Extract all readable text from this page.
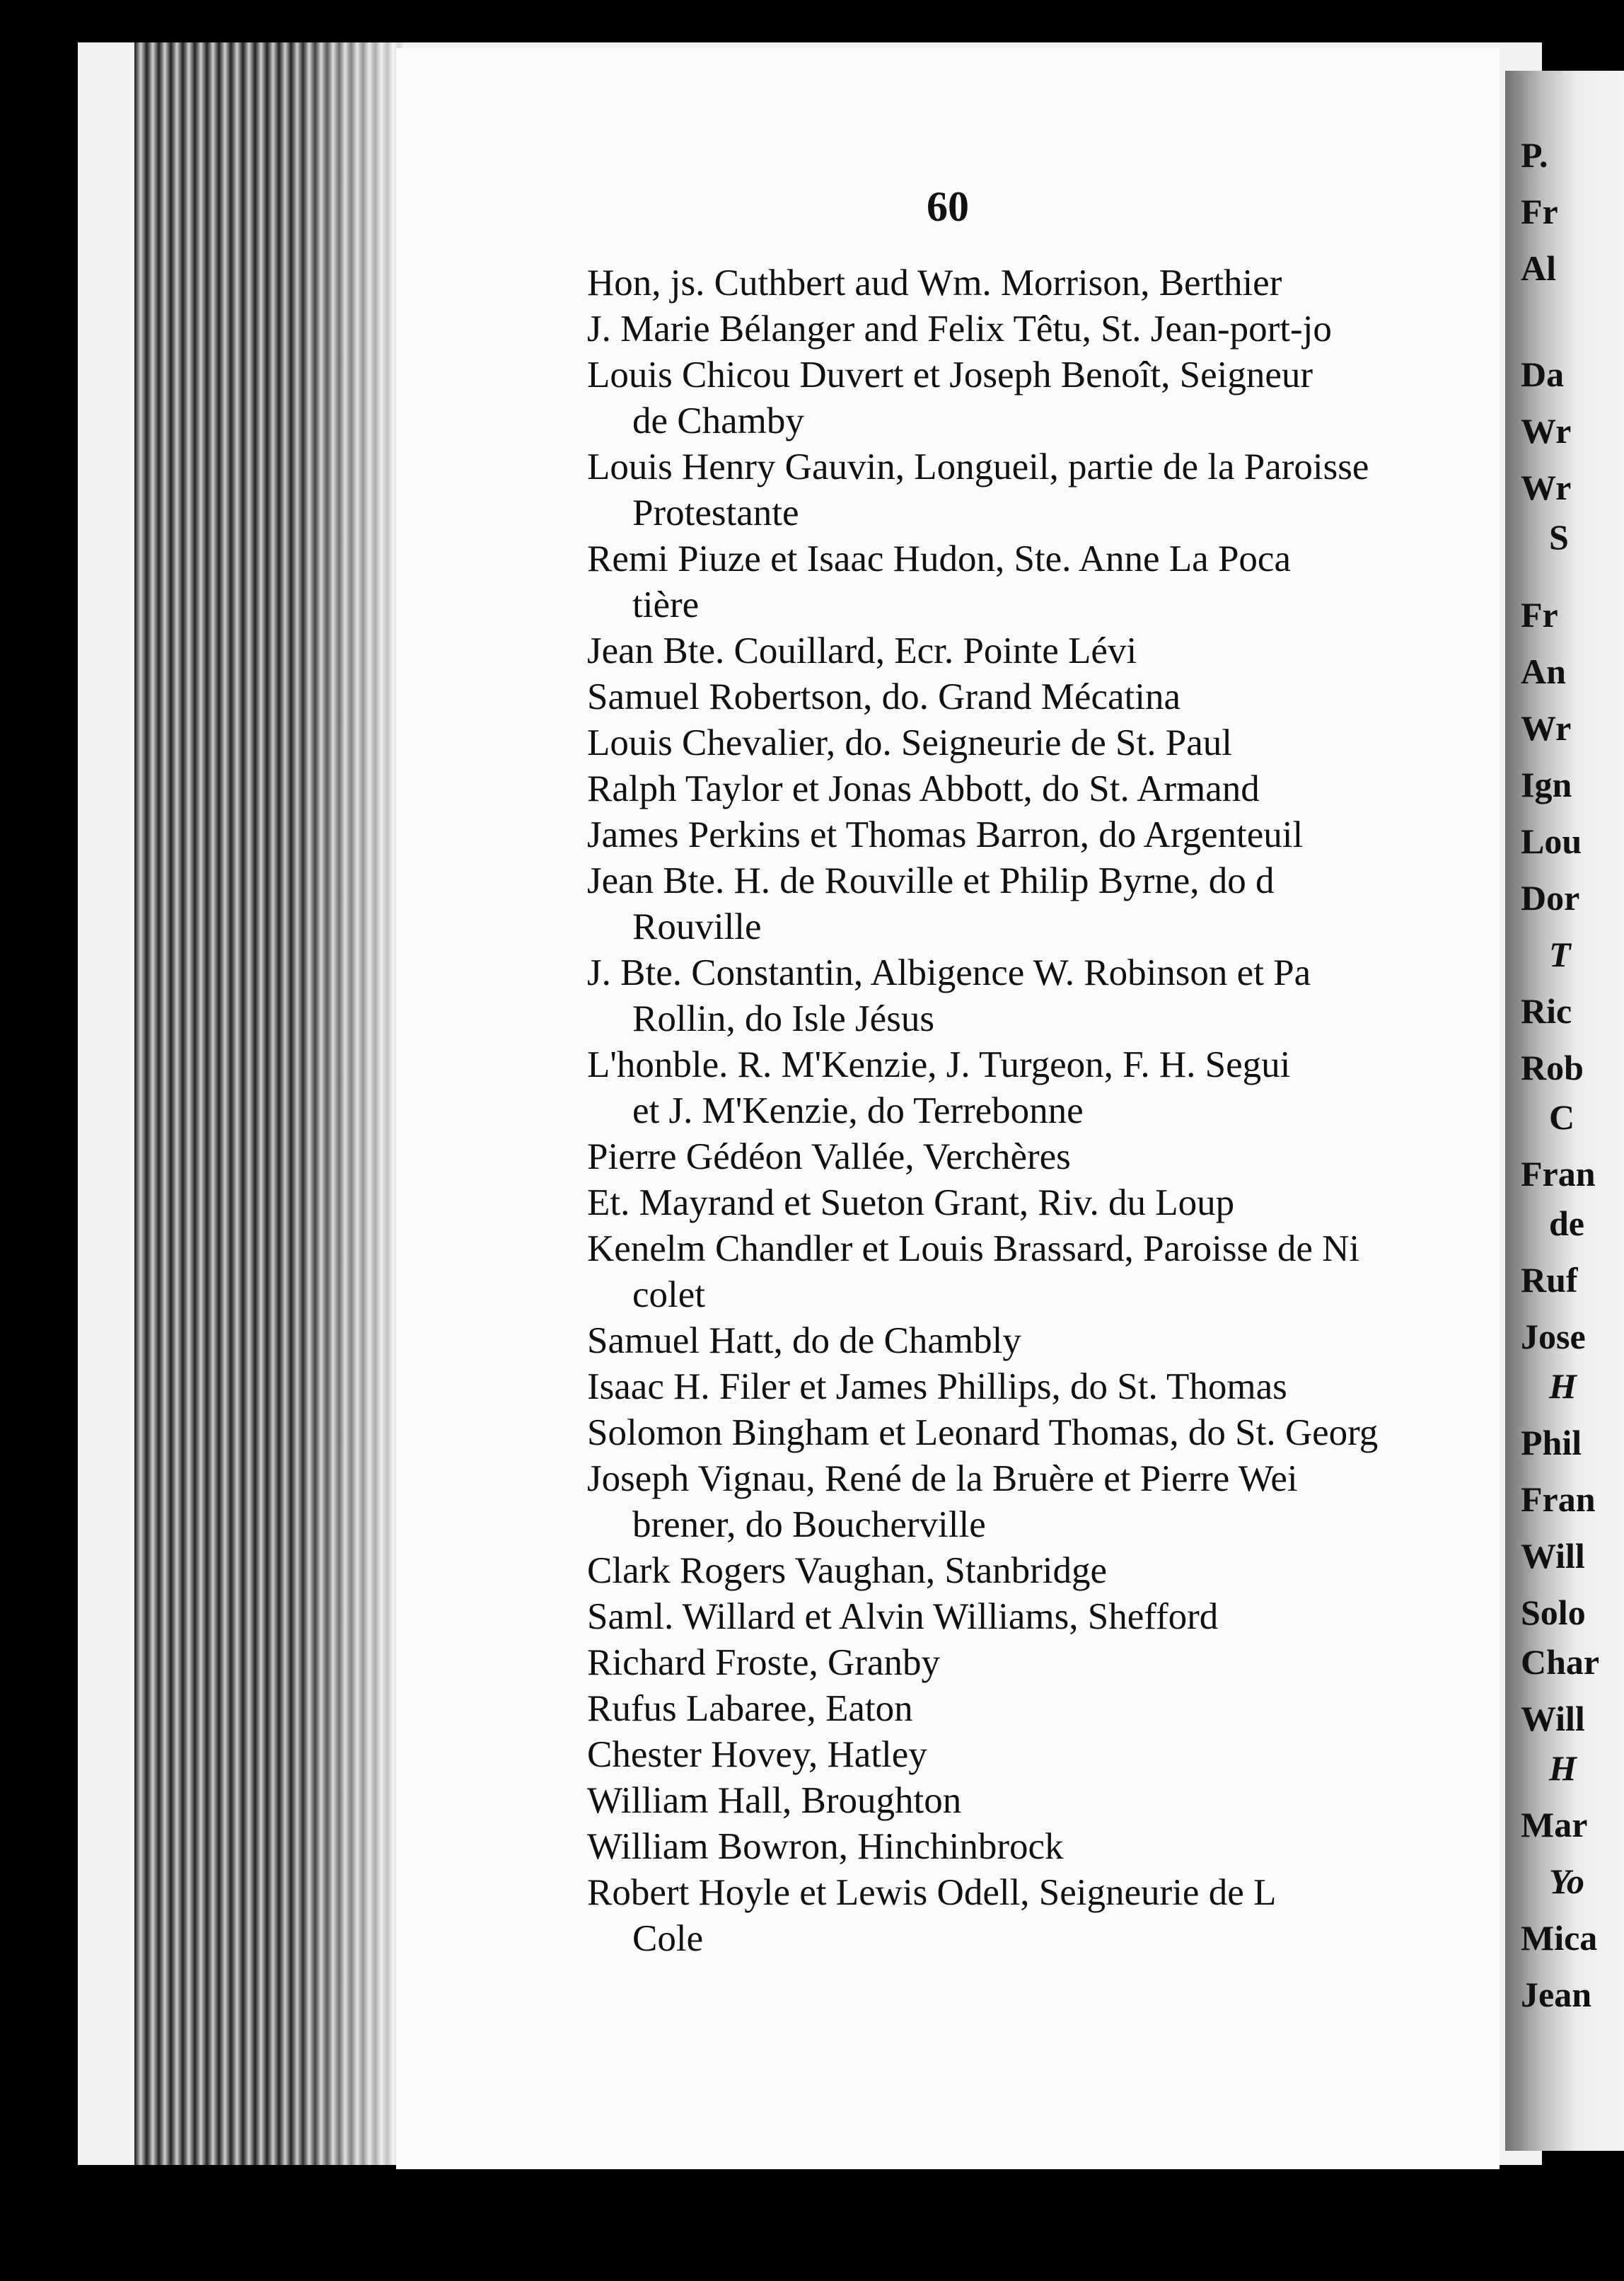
60
Hon, js. Cuthbert aud Wm. Morrison, Berthier
J. Marie Bélanger and Felix Têtu, St. Jean-port-jo
Louis Chicou Duvert et Joseph Benoît, Seigneur
de Chamby
Louis Henry Gauvin, Longueil, partie de la Paroisse
Protestante
Remi Piuze et Isaac Hudon, Ste. Anne La Poca
tière
Jean Bte. Couillard, Ecr. Pointe Lévi
Samuel Robertson, do. Grand Mécatina
Louis Chevalier, do. Seigneurie de St. Paul
Ralph Taylor et Jonas Abbott, do St. Armand
James Perkins et Thomas Barron, do Argenteuil
Jean Bte. H. de Rouville et Philip Byrne, do d
Rouville
J. Bte. Constantin, Albigence W. Robinson et Pa
Rollin, do Isle Jésus
L'honble. R. M'Kenzie, J. Turgeon, F. H. Segui
et J. M'Kenzie, do Terrebonne
Pierre Gédéon Vallée, Verchères
Et. Mayrand et Sueton Grant, Riv. du Loup
Kenelm Chandler et Louis Brassard, Paroisse de Ni
colet
Samuel Hatt, do de Chambly
Isaac H. Filer et James Phillips, do St. Thomas
Solomon Bingham et Leonard Thomas, do St. Georg
Joseph Vignau, René de la Bruère et Pierre Wei
brener, do Boucherville
Clark Rogers Vaughan, Stanbridge
Saml. Willard et Alvin Williams, Shefford
Richard Froste, Granby
Rufus Labaree, Eaton
Chester Hovey, Hatley
William Hall, Broughton
William Bowron, Hinchinbrock
Robert Hoyle et Lewis Odell, Seigneurie de L
Cole
P.
Fr
Al
Da
Wr
Wr
S
Fr
An
Wr
Ign
Lou
Dor
T
Ric
Rob
C
Fran
de
Ruf
Jose
H
Phil
Fran
Will
Solo
Char
Will
H
Mar
Yo
Mica
Jean
